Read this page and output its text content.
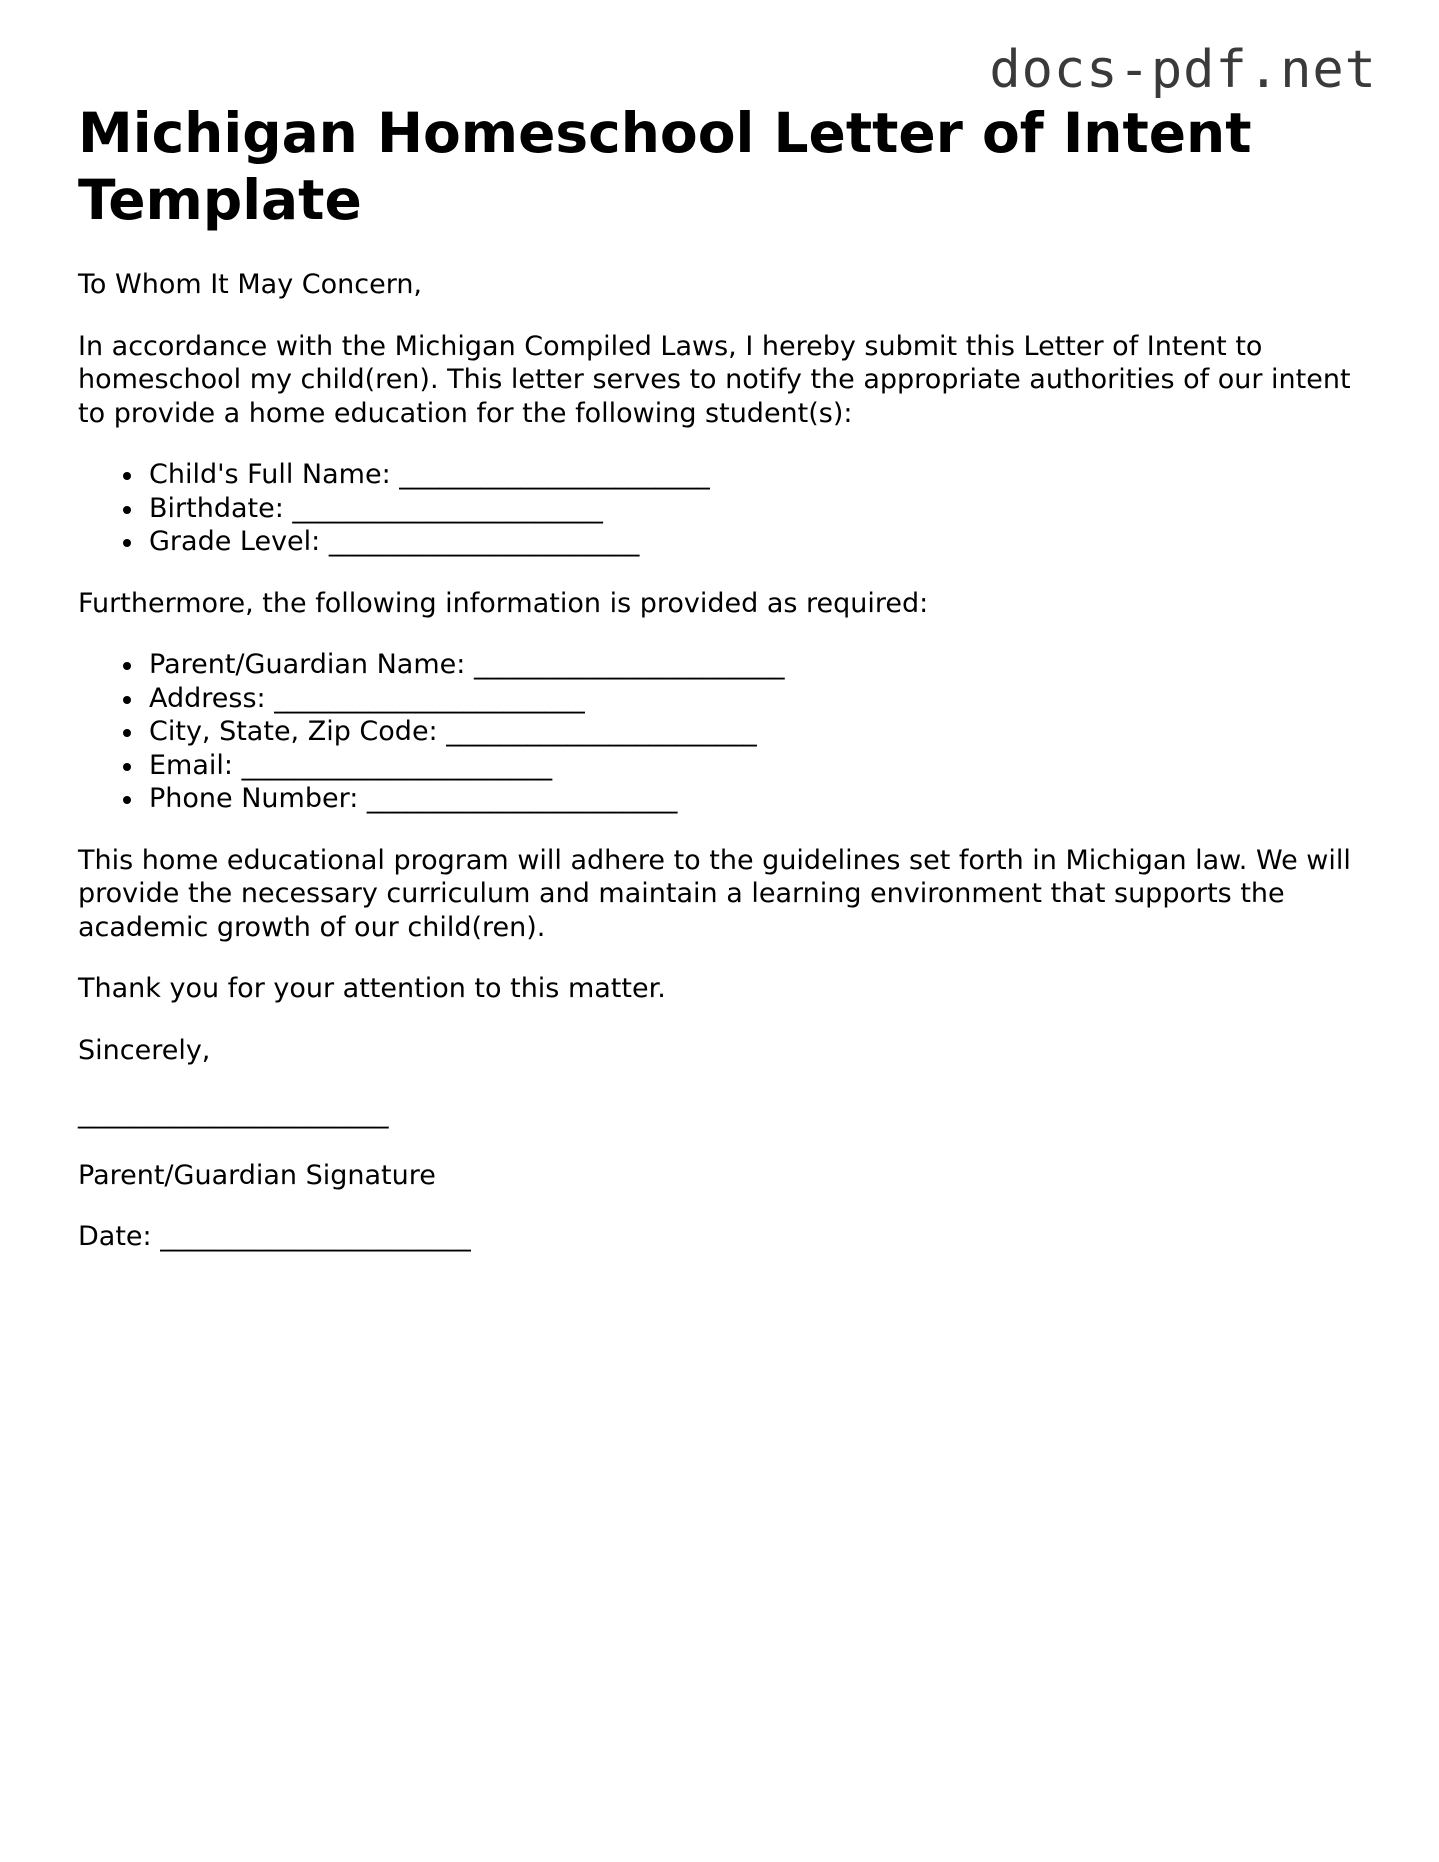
docs-pdf.net
Michigan Homeschool Letter of Intent Template

To Whom It May Concern,

In accordance with the Michigan Compiled Laws, I hereby submit this Letter of Intent to homeschool my child(ren). This letter serves to notify the appropriate authorities of our intent to provide a home education for the following student(s):

Child's Full Name: _______________________
Birthdate: _______________________
Grade Level: _______________________

Furthermore, the following information is provided as required:

Parent/Guardian Name: _______________________
Address: _______________________
City, State, Zip Code: _______________________
Email: _______________________
Phone Number: _______________________

This home educational program will adhere to the guidelines set forth in Michigan law. We will provide the necessary curriculum and maintain a learning environment that supports the academic growth of our child(ren).

Thank you for your attention to this matter.

Sincerely,

_______________________

Parent/Guardian Signature

Date: _______________________
